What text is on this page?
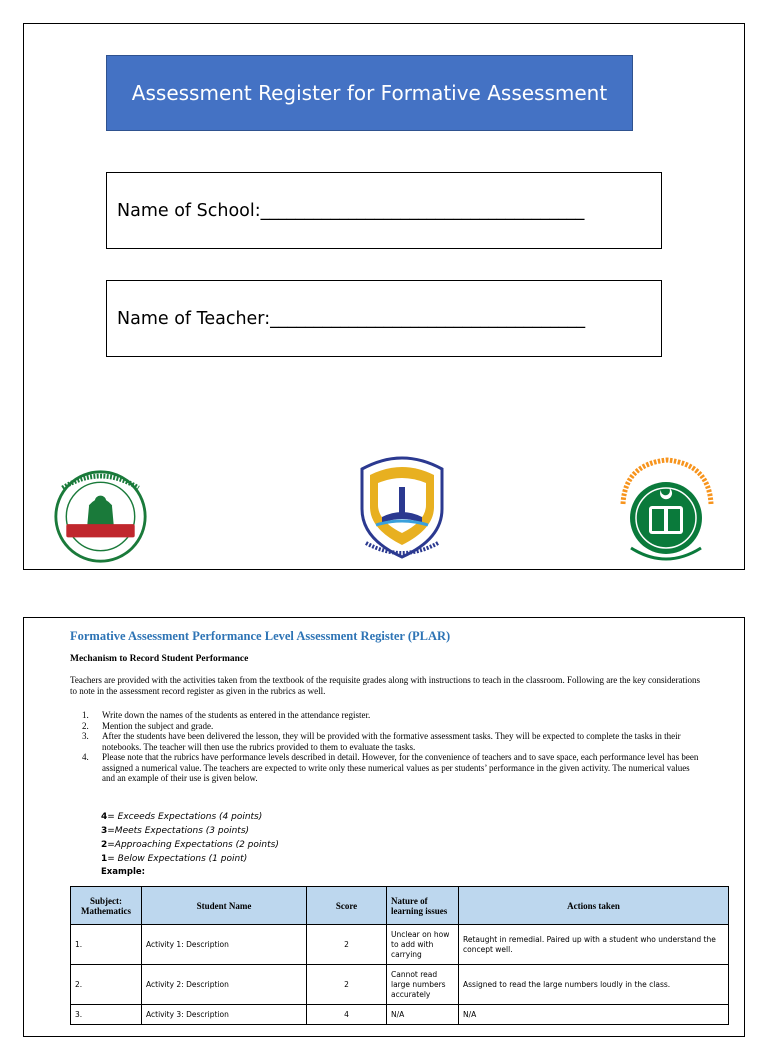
Assessment Register for Formative Assessment
Name of School:_____________________________________
Name of Teacher:____________________________________
Formative Assessment Performance Level Assessment Register (PLAR)
Mechanism to Record Student Performance
Teachers are provided with the activities taken from the textbook of the requisite grades along with instructions to teach in the classroom. Following are the key considerations to note in the assessment record register as given in the rubrics as well.
1. Write down the names of the students as entered in the attendance register.
2. Mention the subject and grade.
3. After the students have been delivered the lesson, they will be provided with the formative assessment tasks. They will be expected to complete the tasks in their notebooks. The teacher will then use the rubrics provided to them to evaluate the tasks.
4. Please note that the rubrics have performance levels described in detail. However, for the convenience of teachers and to save space, each performance level has been assigned a numerical value. The teachers are expected to write only these numerical values as per students’ performance in the given activity. The numerical values and an example of their use is given below.
4= Exceeds Expectations (4 points)
3=Meets Expectations (3 points)
2=Approaching Expectations (2 points)
1= Below Expectations (1 point)
Example:
Subject: Mathematics	Student Name	Score	Nature of learning issues	Actions taken
1.	Activity 1: Description	2	Unclear on how to add with carrying	Retaught in remedial. Paired up with a student who understand the concept well.
2.	Activity 2: Description	2	Cannot read large numbers accurately	Assigned to read the large numbers loudly in the class.
3.	Activity 3: Description	4	N/A	N/A
